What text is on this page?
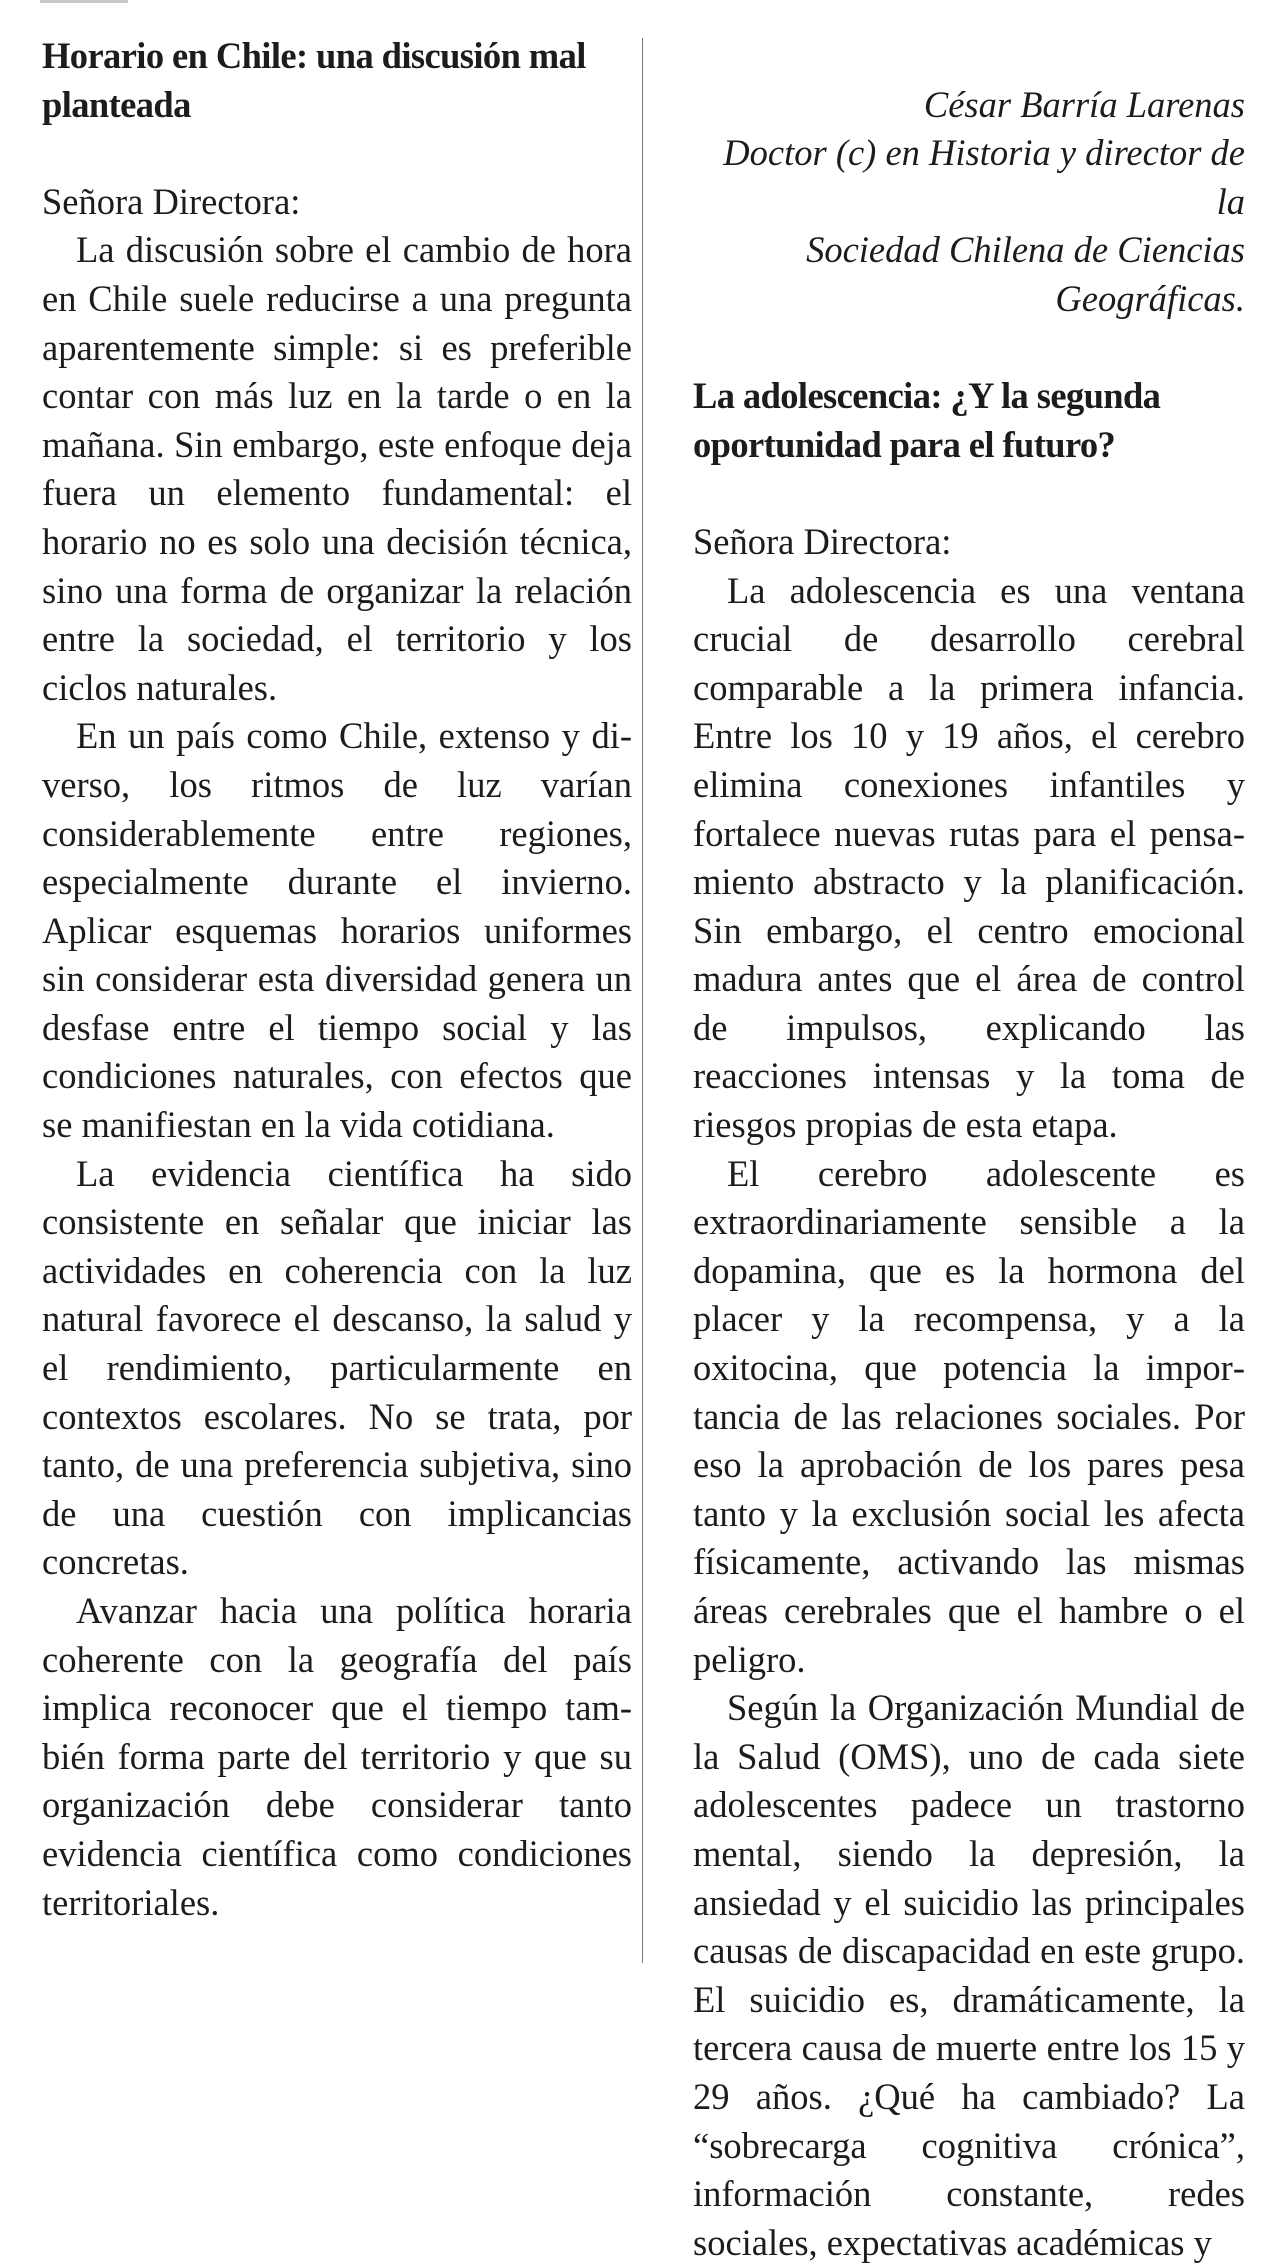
Horario en Chile: una discusión mal planteada

Señora Directora:

La discusión sobre el cambio de hora en Chile suele reducirse a una pregunta aparentemente simple: si es preferible contar con más luz en la tarde o en la mañana. Sin embargo, este enfoque deja fuera un elemento fundamental: el horario no es solo una decisión técnica, sino una forma de organizar la relación entre la sociedad, el territorio y los ciclos naturales.

En un país como Chile, extenso y diverso, los ritmos de luz varían considerablemente entre regiones, especialmente durante el invierno. Aplicar esquemas horarios uniformes sin considerar esta diversidad genera un desfase entre el tiempo social y las condiciones naturales, con efectos que se manifiestan en la vida cotidiana.

La evidencia científica ha sido consistente en señalar que iniciar las actividades en coherencia con la luz natural favorece el descanso, la salud y el rendimiento, particularmente en contextos escolares. No se trata, por tanto, de una preferencia subjetiva, sino de una cuestión con implicancias concretas.

Avanzar hacia una política horaria coherente con la geografía del país implica reconocer que el tiempo también forma parte del territorio y que su organización debe considerar tanto evidencia científica como condiciones territoriales.

César Barría Larenas
Doctor (c) en Historia y director de la
Sociedad Chilena de Ciencias Geográficas.

La adolescencia: ¿Y la segunda oportunidad para el futuro?

Señora Directora:

La adolescencia es una ventana crucial de desarrollo cerebral comparable a la primera infancia. Entre los 10 y 19 años, el cerebro elimina conexiones infantiles y fortalece nuevas rutas para el pensamiento abstracto y la planificación. Sin embargo, el centro emocional madura antes que el área de control de impulsos, explicando las reacciones intensas y la toma de riesgos propias de esta etapa.

El cerebro adolescente es extraordinariamente sensible a la dopamina, que es la hormona del placer y la recompensa, y a la oxitocina, que potencia la importancia de las relaciones sociales. Por eso la aprobación de los pares pesa tanto y la exclusión social les afecta físicamente, activando las mismas áreas cerebrales que el hambre o el peligro.

Según la Organización Mundial de la Salud (OMS), uno de cada siete adolescentes padece un trastorno mental, siendo la depresión, la ansiedad y el suicidio las principales causas de discapacidad en este grupo. El suicidio es, dramáticamente, la tercera causa de muerte entre los 15 y 29 años. ¿Qué ha cambiado? La “sobrecarga cognitiva crónica”, información constante, redes sociales, expectativas académicas y
